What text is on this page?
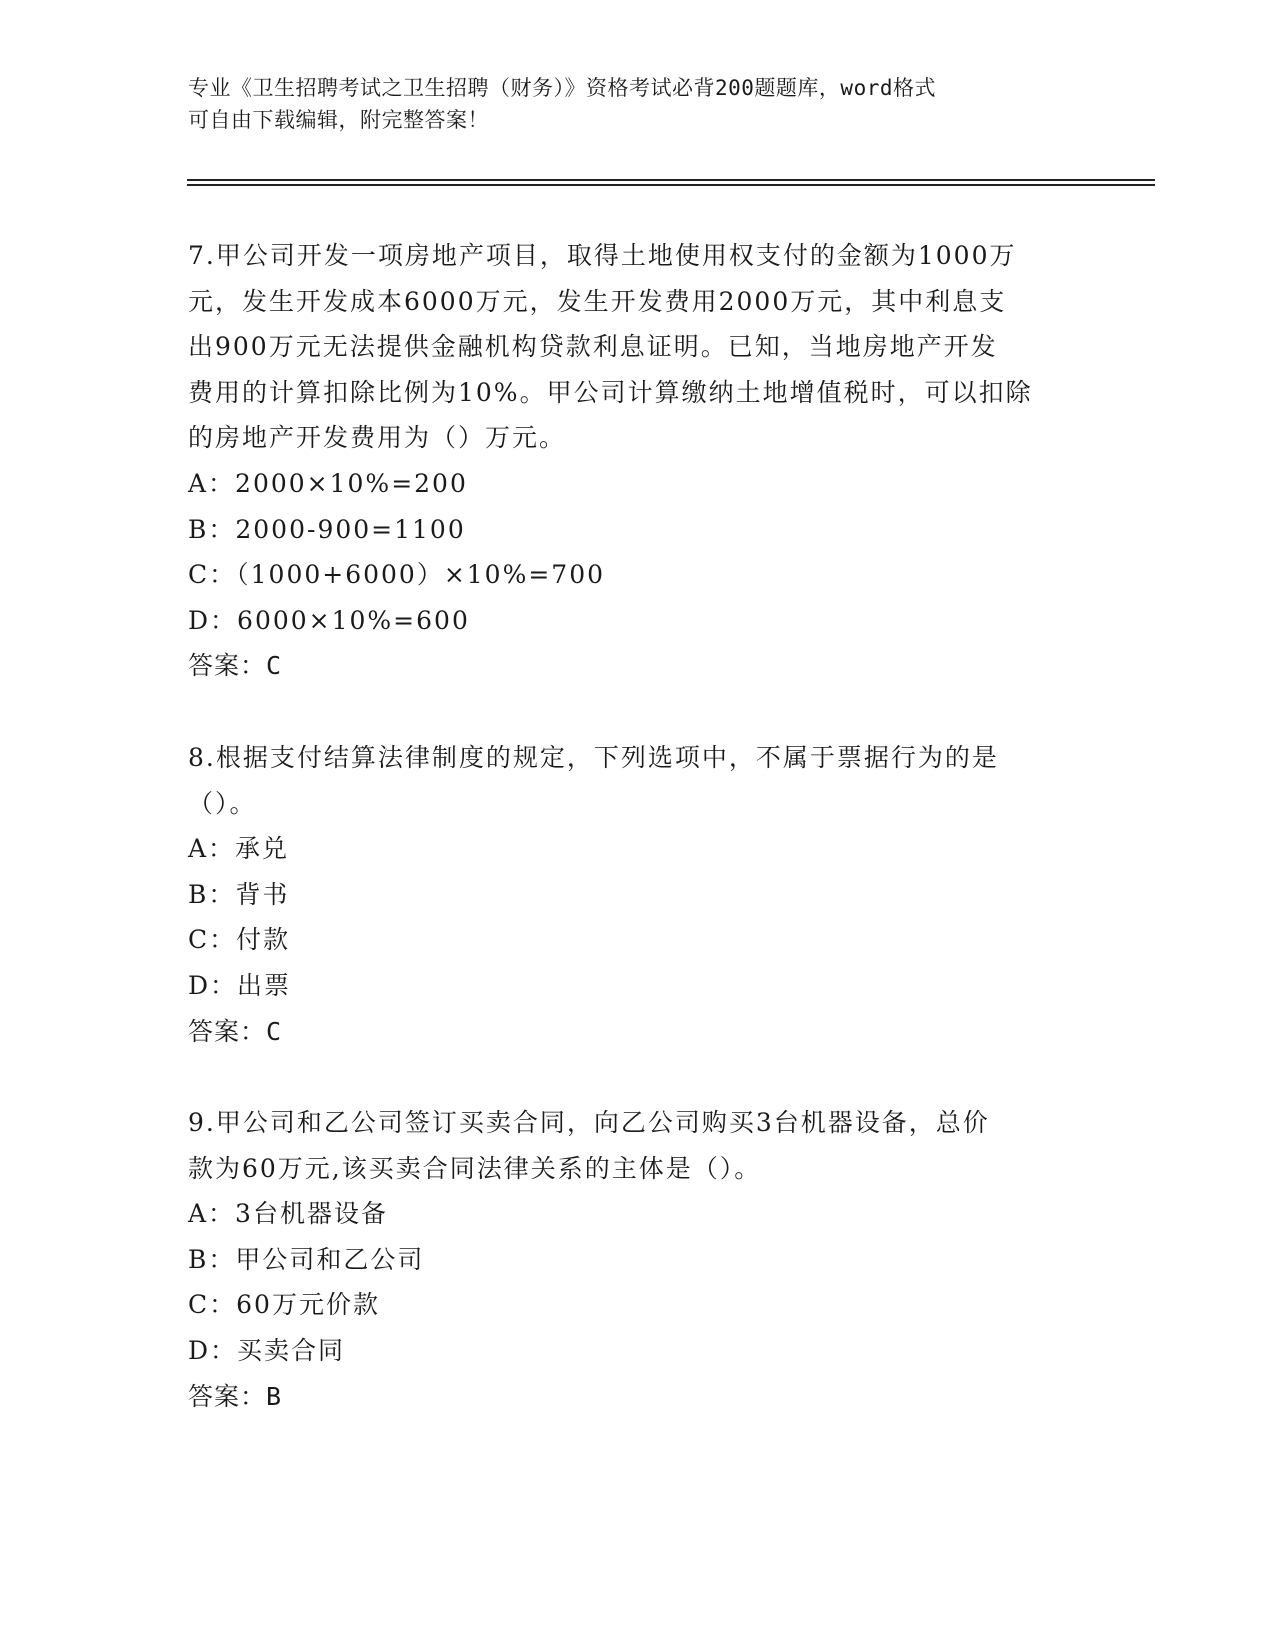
专业《卫生招聘考试之卫生招聘（财务）》资格考试必背200题题库，word格式
可自由下载编辑，附完整答案！
7.甲公司开发一项房地产项目，取得土地使用权支付的金额为1000万
元，发生开发成本6000万元，发生开发费用2000万元，其中利息支
出900万元无法提供金融机构贷款利息证明。已知，当地房地产开发
费用的计算扣除比例为10%。甲公司计算缴纳土地增值税时，可以扣除
的房地产开发费用为（）万元。
A：2000×10%=200
B：2000-900=1100
C：（1000+6000）×10%=700
D：6000×10%=600
答案：C
8.根据支付结算法律制度的规定，下列选项中，不属于票据行为的是
（）。
A：承兑
B：背书
C：付款
D：出票
答案：C
9.甲公司和乙公司签订买卖合同，向乙公司购买3台机器设备，总价
款为60万元,该买卖合同法律关系的主体是（）。
A：3台机器设备
B：甲公司和乙公司
C：60万元价款
D：买卖合同
答案：B
